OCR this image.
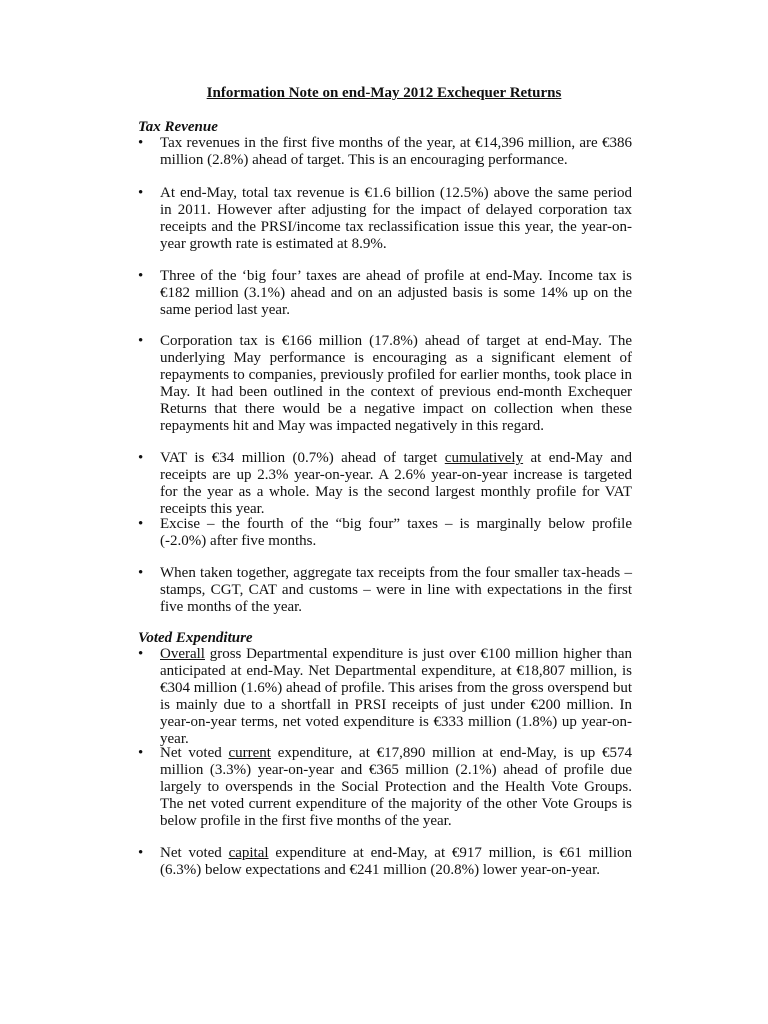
Information Note on end-May 2012 Exchequer Returns
Tax Revenue
•	Tax revenues in the first five months of the year, at €14,396 million, are €386 million (2.8%) ahead of target. This is an encouraging performance.
•	At end-May, total tax revenue is €1.6 billion (12.5%) above the same period in 2011. However after adjusting for the impact of delayed corporation tax receipts and the PRSI/income tax reclassification issue this year, the year-on-year growth rate is estimated at 8.9%.
•	Three of the ‘big four’ taxes are ahead of profile at end-May. Income tax is €182 million (3.1%) ahead and on an adjusted basis is some 14% up on the same period last year.
•	Corporation tax is €166 million (17.8%) ahead of target at end-May. The underlying May performance is encouraging as a significant element of repayments to companies, previously profiled for earlier months, took place in May. It had been outlined in the context of previous end-month Exchequer Returns that there would be a negative impact on collection when these repayments hit and May was impacted negatively in this regard.
•	VAT is €34 million (0.7%) ahead of target cumulatively at end-May and receipts are up 2.3% year-on-year. A 2.6% year-on-year increase is targeted for the year as a whole. May is the second largest monthly profile for VAT receipts this year.
•	Excise – the fourth of the “big four” taxes – is marginally below profile (-2.0%) after five months.
•	When taken together, aggregate tax receipts from the four smaller tax-heads – stamps, CGT, CAT and customs – were in line with expectations in the first five months of the year.
Voted Expenditure
•	Overall gross Departmental expenditure is just over €100 million higher than anticipated at end-May. Net Departmental expenditure, at €18,807 million, is €304 million (1.6%) ahead of profile. This arises from the gross overspend but is mainly due to a shortfall in PRSI receipts of just under €200 million. In year-on-year terms, net voted expenditure is €333 million (1.8%) up year-on-year.
•	Net voted current expenditure, at €17,890 million at end-May, is up €574 million (3.3%) year-on-year and €365 million (2.1%) ahead of profile due largely to overspends in the Social Protection and the Health Vote Groups. The net voted current expenditure of the majority of the other Vote Groups is below profile in the first five months of the year.
•	Net voted capital expenditure at end-May, at €917 million, is €61 million (6.3%) below expectations and €241 million (20.8%) lower year-on-year.
